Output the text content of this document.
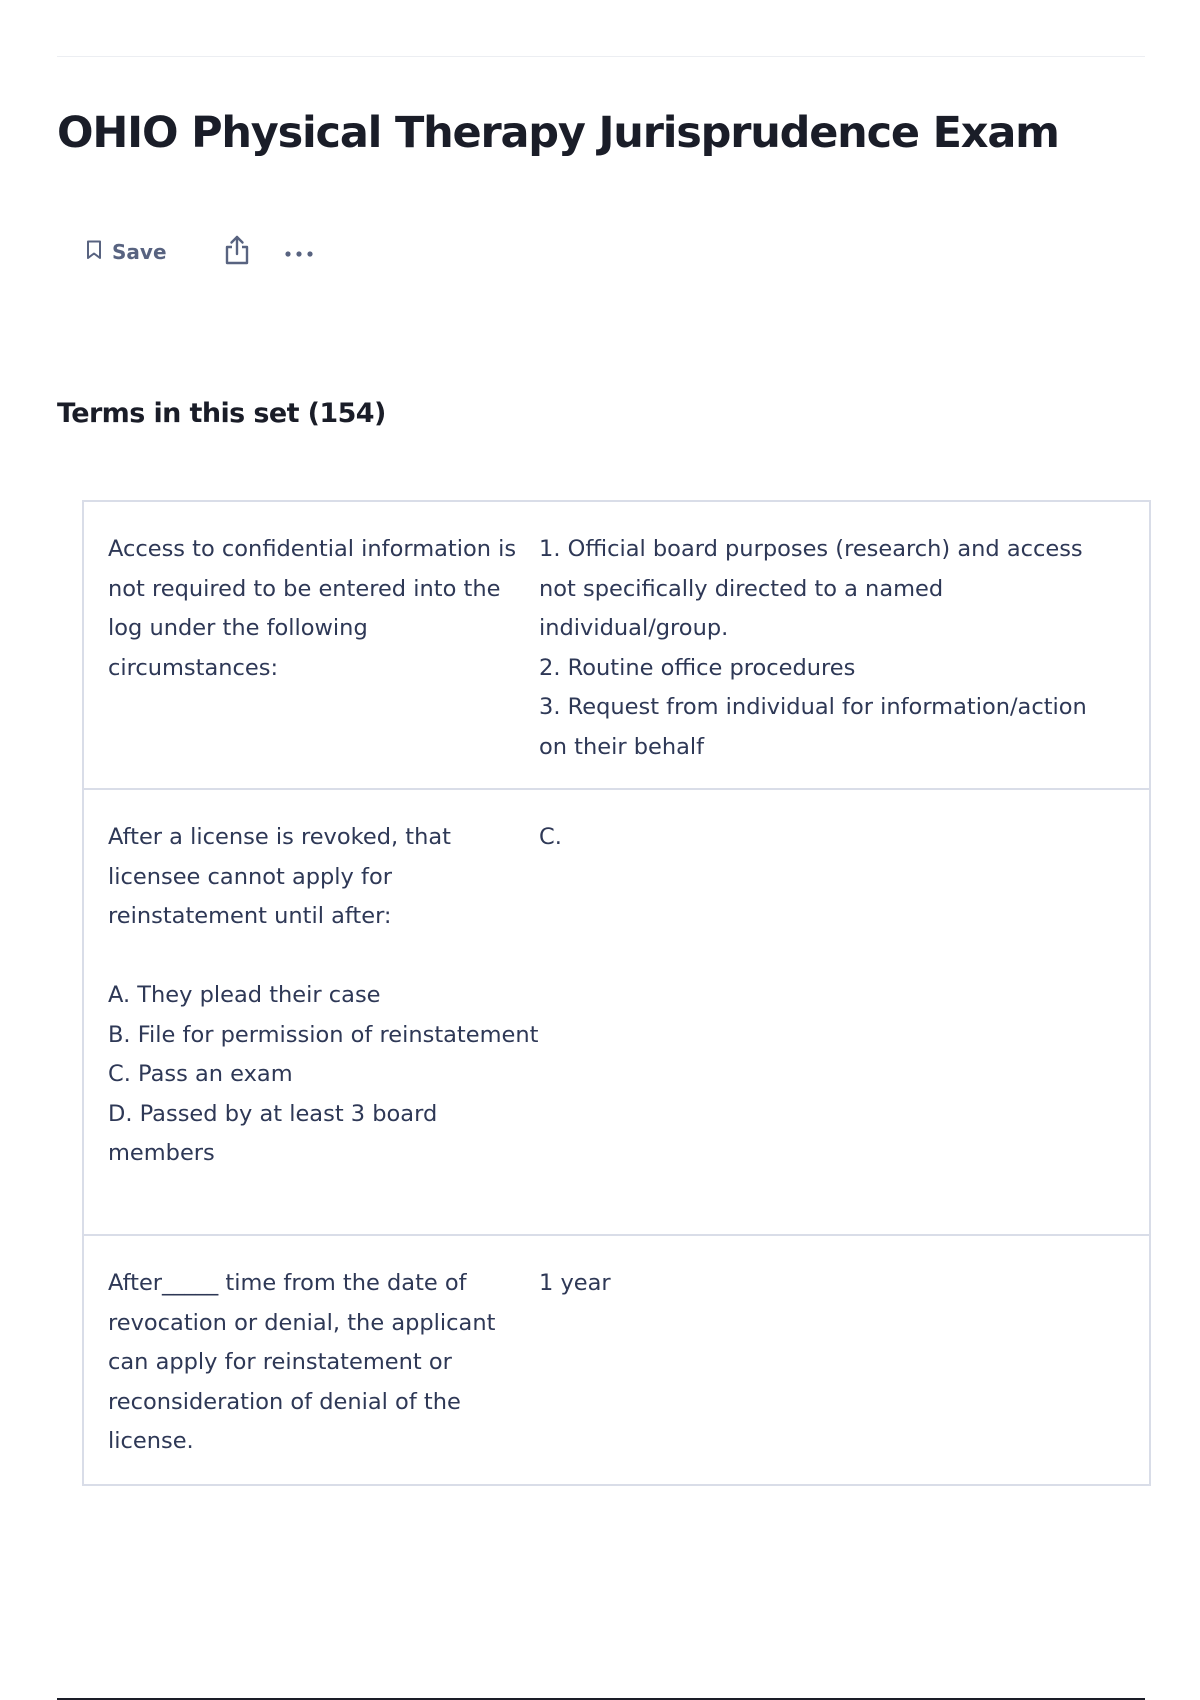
OHIO Physical Therapy Jurisprudence Exam
Save
Terms in this set (154)
Access to confidential information is not required to be entered into the log under the following circumstances:
1. Official board purposes (research) and access not specifically directed to a named individual/group.
2. Routine office procedures
3. Request from individual for information/action on their behalf
After a license is revoked, that licensee cannot apply for reinstatement until after:

A. They plead their case
B. File for permission of reinstatement
C. Pass an exam
D. Passed by at least 3 board members
C.
After_____ time from the date of revocation or denial, the applicant can apply for reinstatement or reconsideration of denial of the license.
1 year
